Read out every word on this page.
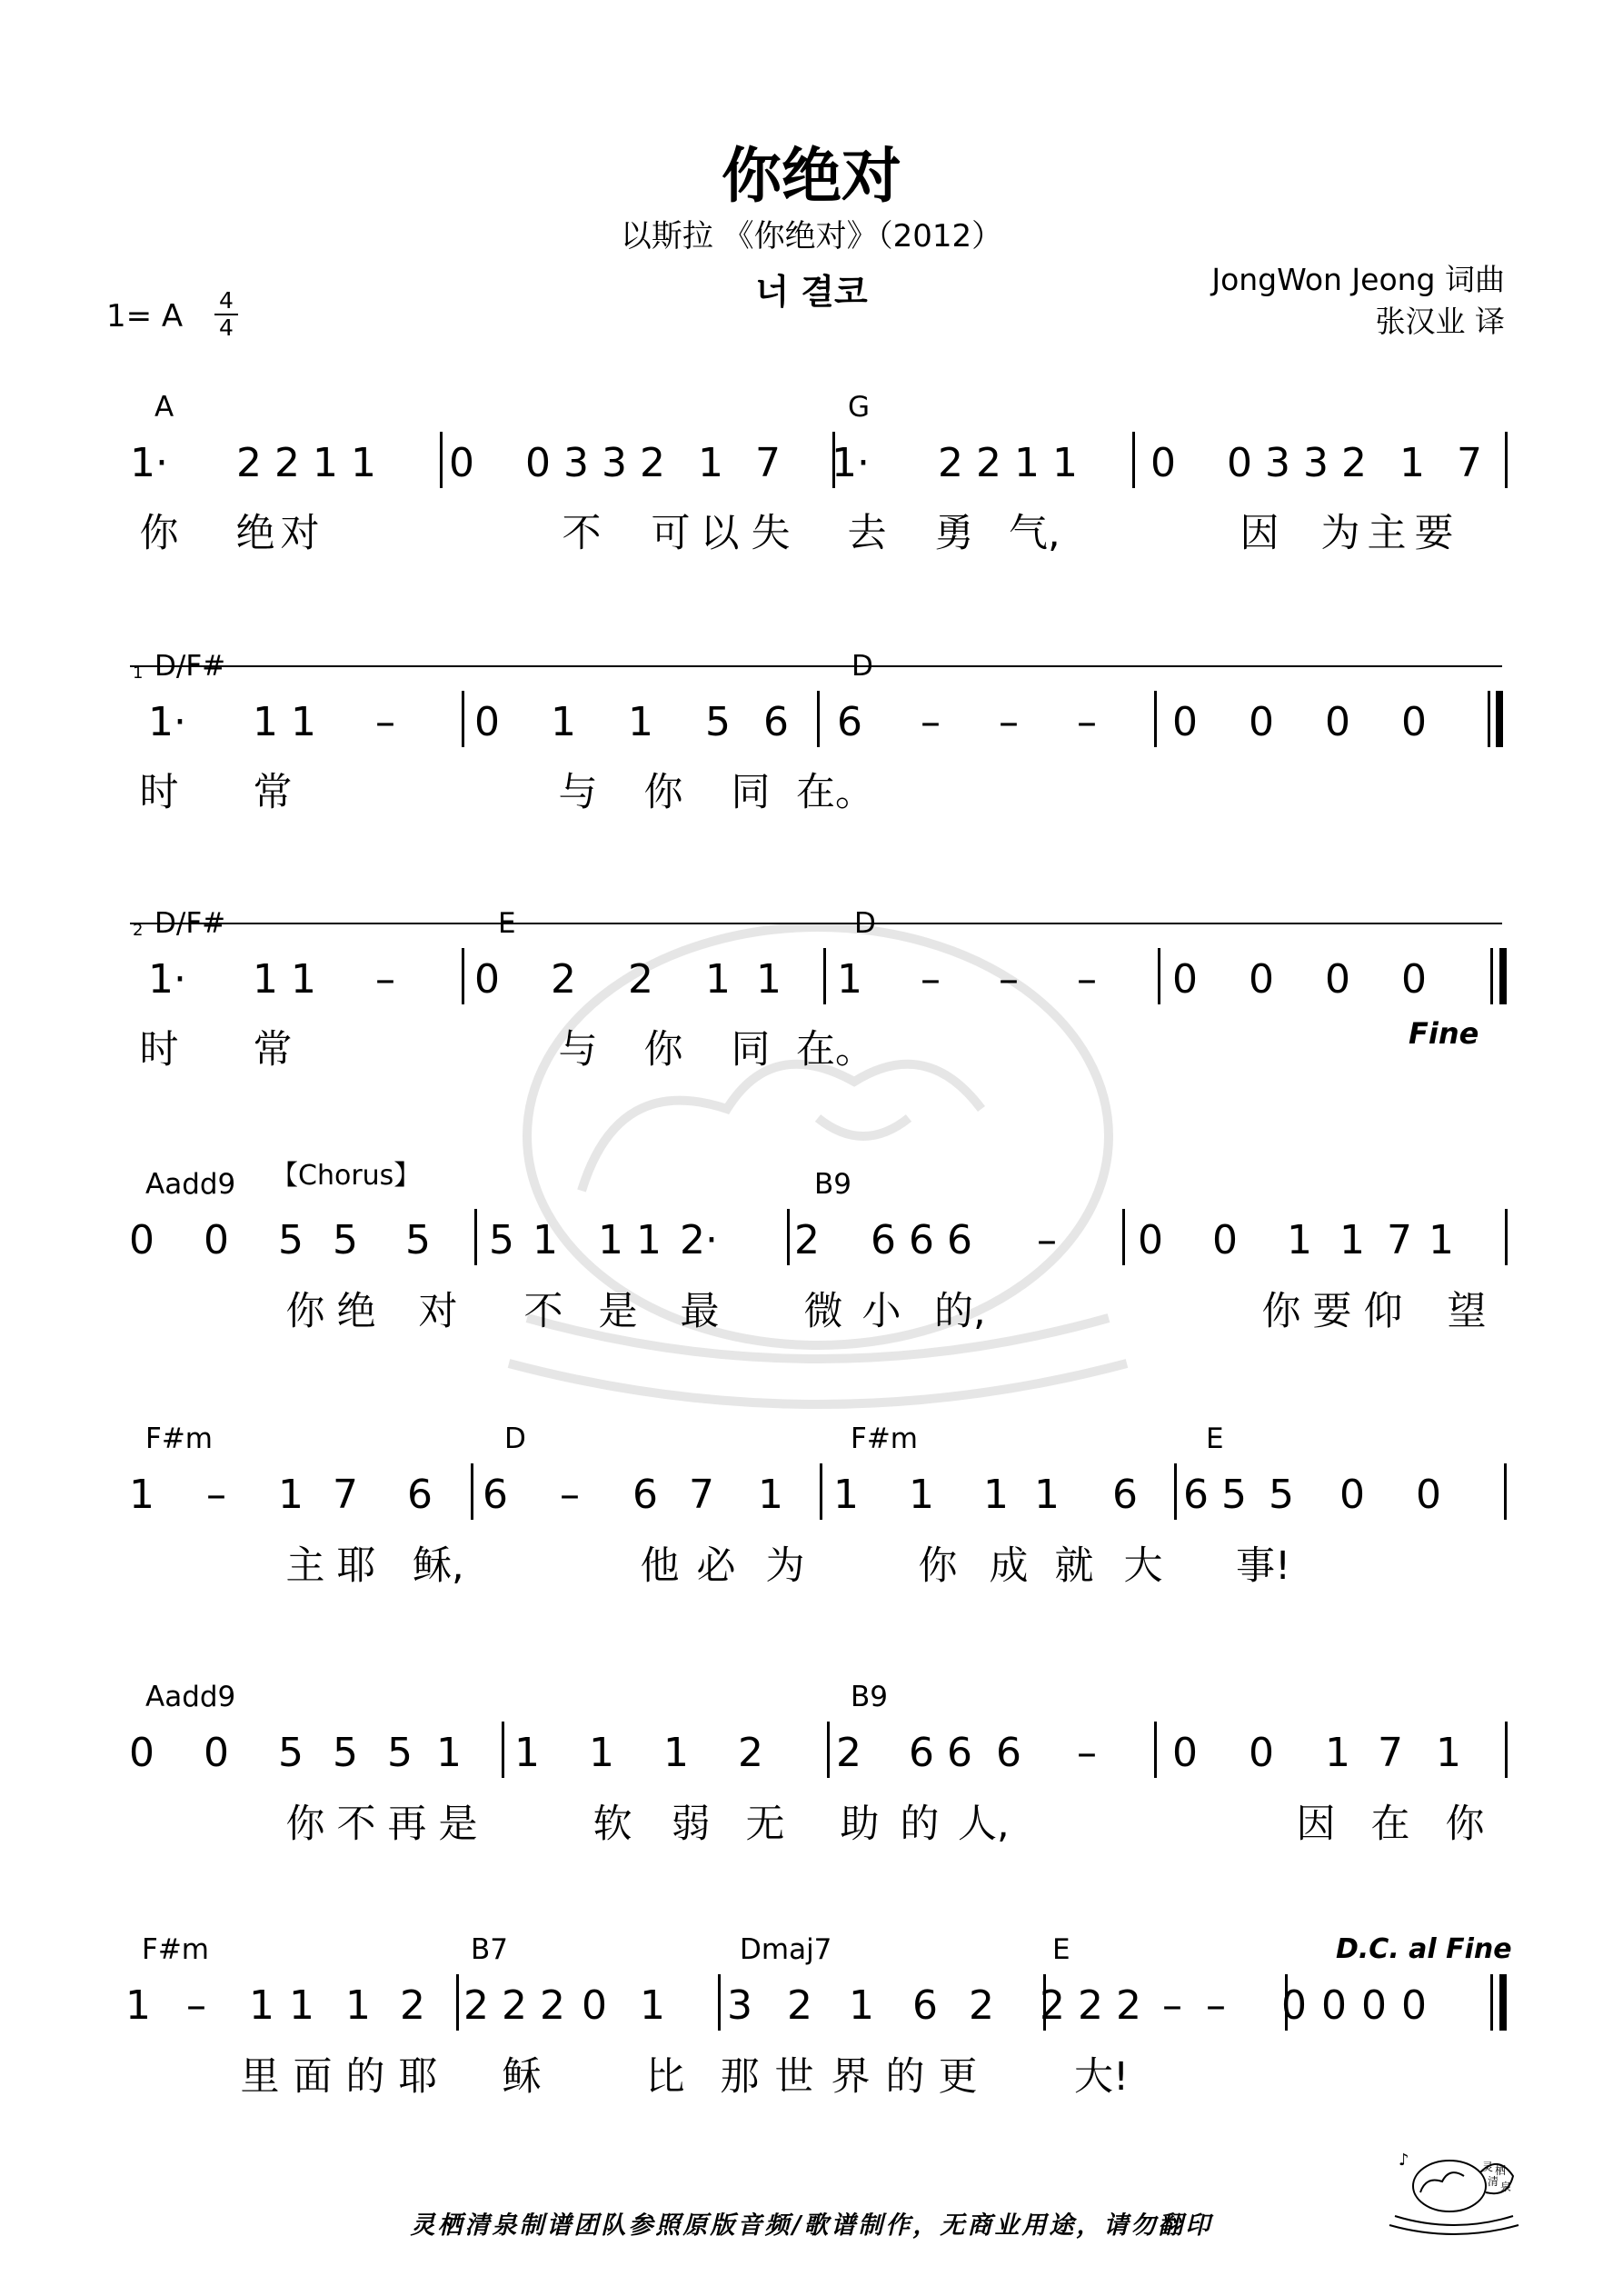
你绝对
以斯拉 《你绝对》（2012）
너 결코	JongWon Jeong 词曲
张汉业 译
1= A 4
4
A	G
1· 2 2 1 1 0 0 3 3 2 1 7 1· 2 2 1 1 0 0 3 3 2 1 7
你 绝 对	不 可 以 失 去 勇 气,	因 为 主 要
1 D/F#	D
1· 1 1 – 0 1 1 5 6 6 – – – 0 0 0 0
时 常	与 你 同 在。
2 D/F#	E	D
1· 1 1 – 0 2 2 1 1 1 – – – 0 0 0 0
时 常	与 你 同 在。	Fine
Aadd9 【Chorus】	B9
0 0 5 5 5 5 1 1 1 2· 2 6 6 6 – 0 0 1 1 7 1
你 绝 对 不 是 最 微 小 的,	你 要 仰 望
F#m	D	F#m	E
1 – 1 7 6 6 – 6 7 1 1 1 1 1 6 6 5 5 0 0
主 耶 稣,	他 必 为	你 成 就 大 事!
Aadd9	B9
0 0 5 5 5 1 1 1 1 2 2 6 6 6 – 0 0 1 7 1
你 不 再 是	软 弱 无 助 的 人,	因 在 你
F#m	B7	Dmaj7	E	D.C. al Fine
1 – 1 1 1 2 2 2 2 0 1 3 2 1 6 2 2 2 2 – – 0 0 0 0
里 面 的 耶 稣	比 那 世 界 的 更 大!
灵栖清泉制谱团队参照原版音频/歌谱制作，无商业用途，请勿翻印
♪	灵 栖
清 泉
